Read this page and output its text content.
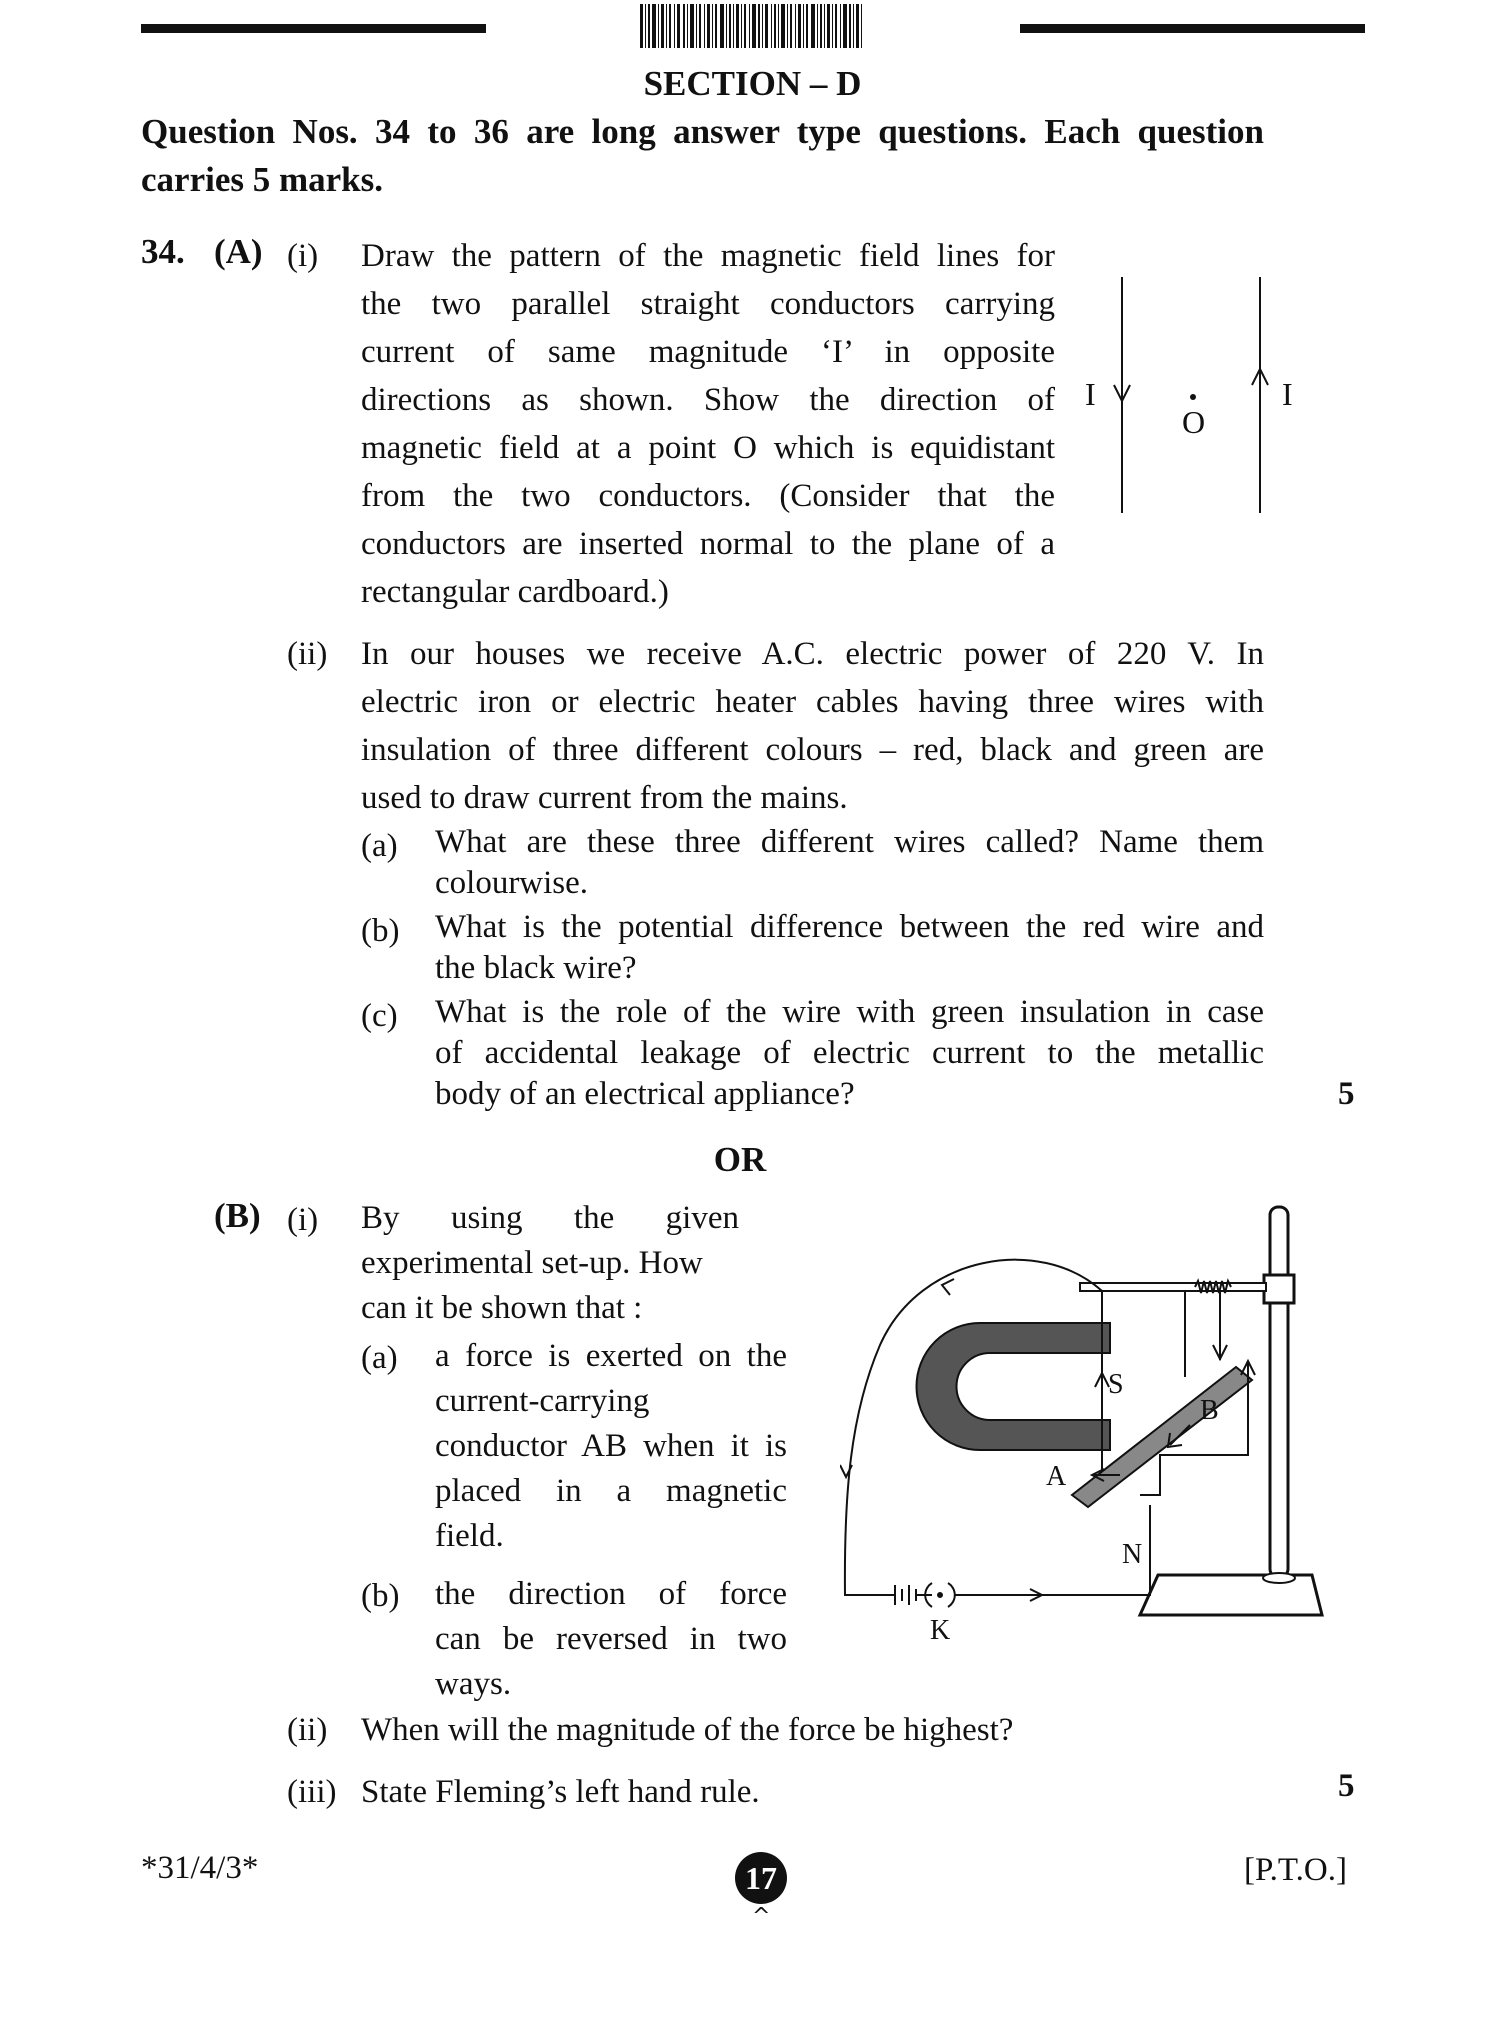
SECTION – D
Question Nos. 34 to 36 are long answer type questions. Each question
carries 5 marks.
34. (A) (i) Draw the pattern of the magnetic field lines for
the two parallel straight conductors carrying
current of same magnitude ‘I’ in opposite
directions as shown. Show the direction of
magnetic field at a point O which is equidistant
from the two conductors. (Consider that the
conductors are inserted normal to the plane of a
rectangular cardboard.)
I
O
I
(ii) In our houses we receive A.C. electric power of 220 V. In
electric iron or electric heater cables having three wires with
insulation of three different colours – red, black and green are
used to draw current from the mains.
(a) What are these three different wires called? Name them
colourwise.
(b) What is the potential difference between the red wire and
the black wire?
(c) What is the role of the wire with green insulation in case
of accidental leakage of electric current to the metallic
body of an electrical appliance?	5
OR
(B) (i) By using the given
experimental set-up. How
can it be shown that :
(a) a force is exerted on the
current-carrying
conductor AB when it is
placed in a magnetic
field.
(b) the direction of force
can be reversed in two
ways.
S
B
A
N
K
(ii) When will the magnitude of the force be highest?
(iii) State Fleming’s left hand rule.	5
*31/4/3*	17
^
[P.T.O.]
